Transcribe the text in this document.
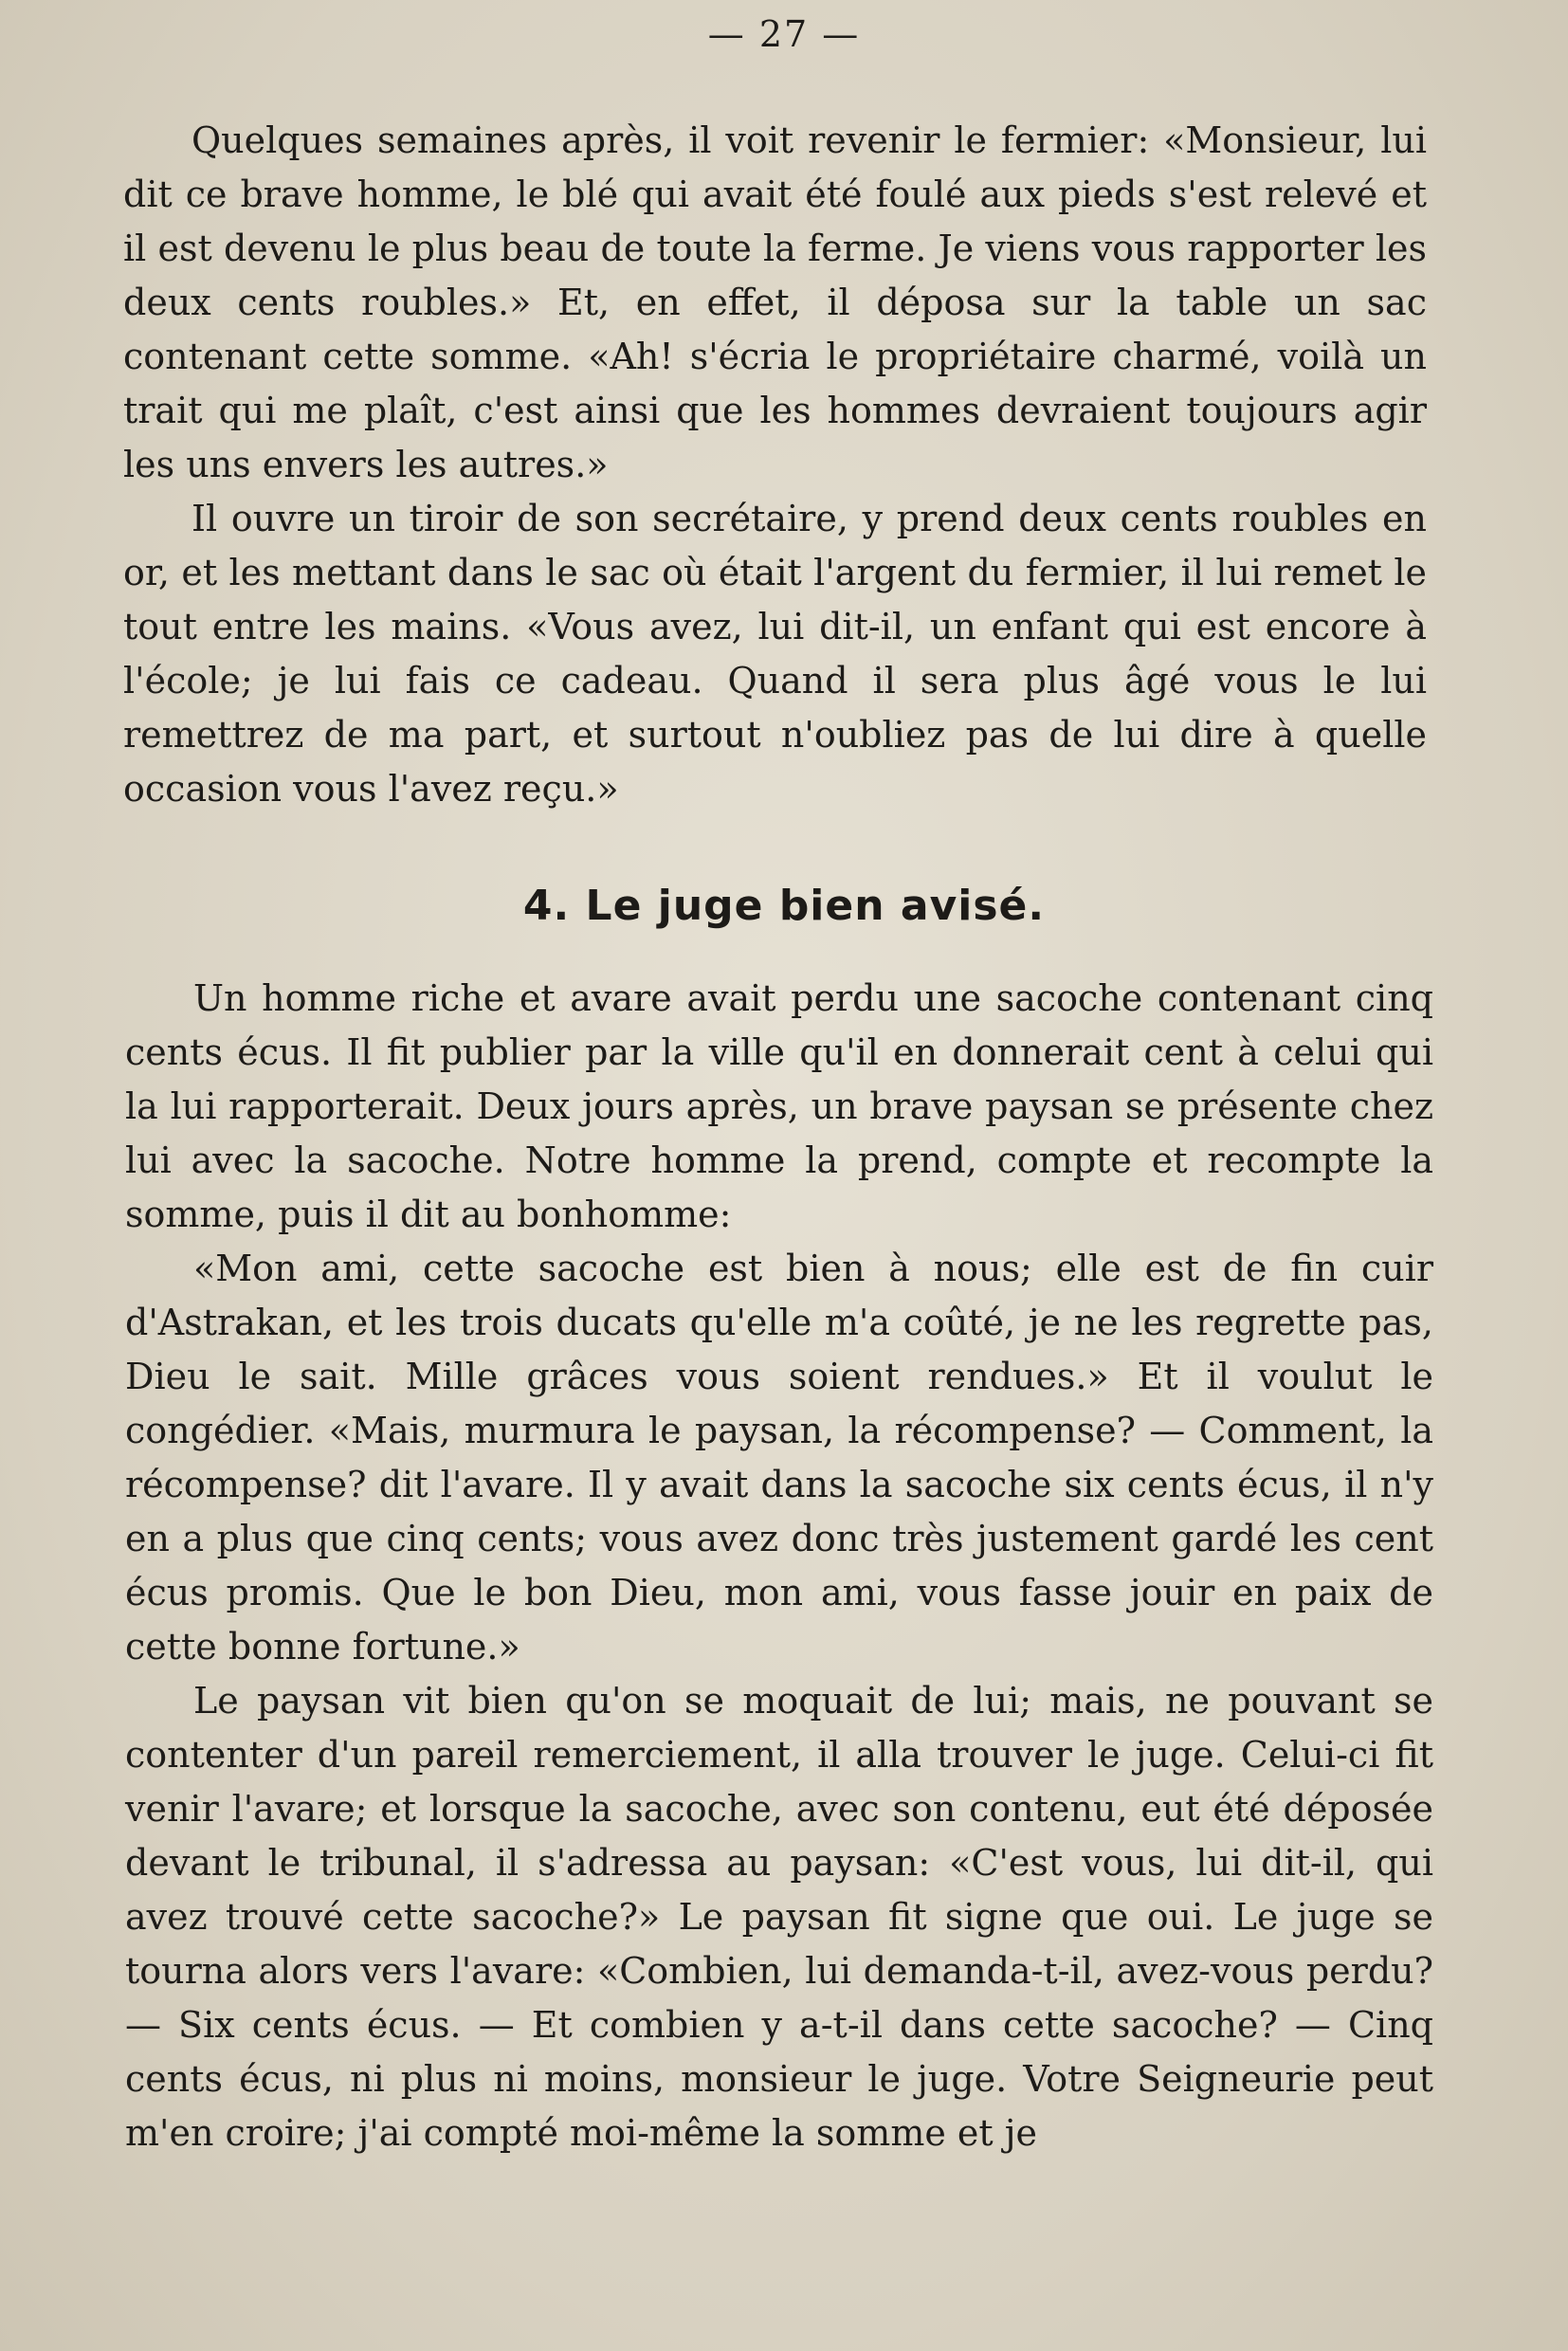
— 27 —

Quelques semaines après, il voit revenir le fermier: «Monsieur, lui dit ce brave homme, le blé qui avait été foulé aux pieds s'est relevé et il est devenu le plus beau de toute la ferme. Je viens vous rapporter les deux cents roubles.» Et, en effet, il déposa sur la table un sac contenant cette somme. «Ah! s'écria le propriétaire charmé, voilà un trait qui me plaît, c'est ainsi que les hommes devraient toujours agir les uns envers les autres.»

Il ouvre un tiroir de son secrétaire, y prend deux cents roubles en or, et les mettant dans le sac où était l'argent du fermier, il lui remet le tout entre les mains. «Vous avez, lui dit-il, un enfant qui est encore à l'école; je lui fais ce cadeau. Quand il sera plus âgé vous le lui remettrez de ma part, et surtout n'oubliez pas de lui dire à quelle occasion vous l'avez reçu.»

4. Le juge bien avisé.

Un homme riche et avare avait perdu une sacoche contenant cinq cents écus. Il fit publier par la ville qu'il en donnerait cent à celui qui la lui rapporterait. Deux jours après, un brave paysan se présente chez lui avec la sacoche. Notre homme la prend, compte et recompte la somme, puis il dit au bonhomme:

«Mon ami, cette sacoche est bien à nous; elle est de fin cuir d'Astrakan, et les trois ducats qu'elle m'a coûté, je ne les regrette pas, Dieu le sait. Mille grâces vous soient rendues.» Et il voulut le congédier. «Mais, murmura le paysan, la récompense? — Comment, la récompense? dit l'avare. Il y avait dans la sacoche six cents écus, il n'y en a plus que cinq cents; vous avez donc très justement gardé les cent écus promis. Que le bon Dieu, mon ami, vous fasse jouir en paix de cette bonne fortune.»

Le paysan vit bien qu'on se moquait de lui; mais, ne pouvant se contenter d'un pareil remerciement, il alla trouver le juge. Celui-ci fit venir l'avare; et lorsque la sacoche, avec son contenu, eut été déposée devant le tribunal, il s'adressa au paysan: «C'est vous, lui dit-il, qui avez trouvé cette sacoche?» Le paysan fit signe que oui. Le juge se tourna alors vers l'avare: «Combien, lui demanda-t-il, avez-vous perdu? — Six cents écus. — Et combien y a-t-il dans cette sacoche? — Cinq cents écus, ni plus ni moins, monsieur le juge. Votre Seigneurie peut m'en croire; j'ai compté moi-même la somme et je
